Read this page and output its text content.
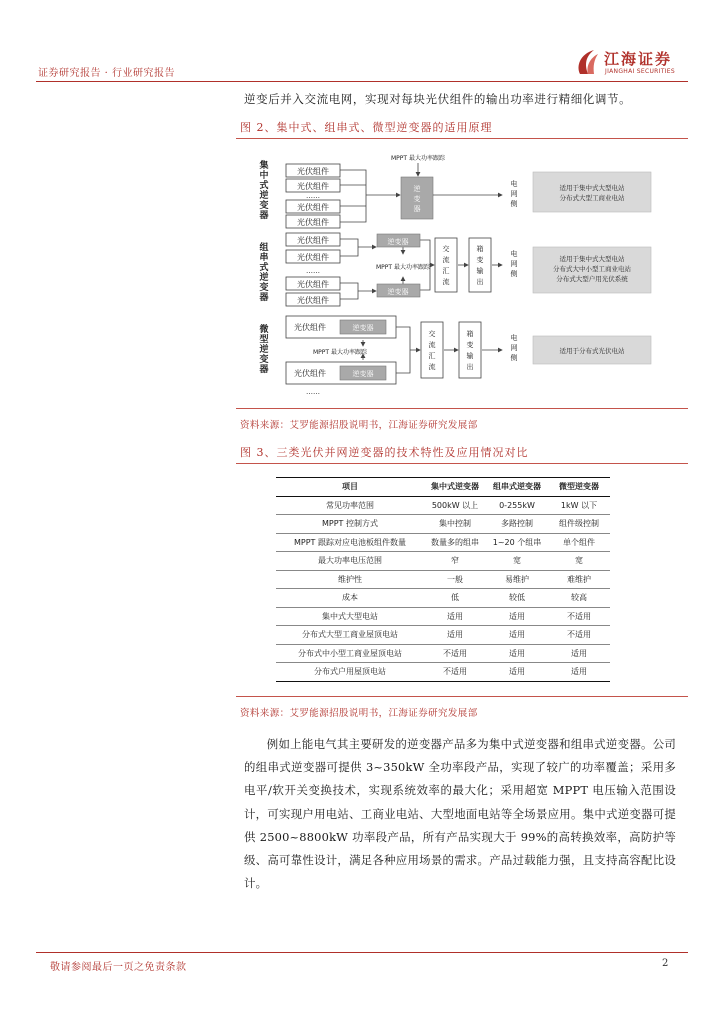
证券研究报告 · 行业研究报告
江海证券
JIANGHAI SECURITIES
逆变后并入交流电网，实现对每块光伏组件的输出功率进行精细化调节。
图 2、集中式、组串式、微型逆变器的适用原理
集
中
式
逆
变
器
光伏组件
光伏组件
光伏组件
光伏组件
……
MPPT 最大功率跟踪
逆
变
器
电
网
侧
适用于集中式大型电站
分布式大型工商业电站
组
串
式
逆
变
器
光伏组件
光伏组件
光伏组件
光伏组件
……
逆变器
逆变器
MPPT 最大功率跟踪
交
流
汇
流
箱
变
输
出
电
网
侧
适用于集中式大型电站
分布式大中小型工商业电站
分布式大型户用光伏系统
微
型
逆
变
器
光伏组件	逆变器
光伏组件	逆变器
MPPT 最大功率跟踪
……
交
流
汇
流
箱
变
输
出
电
网
侧
适用于分布式光伏电站
资料来源：艾罗能源招股说明书，江海证券研究发展部
图 3、三类光伏并网逆变器的技术特性及应用情况对比
项目	集中式逆变器	组串式逆变器	微型逆变器
常见功率范围	500kW 以上	0-255kW	1kW 以下
MPPT 控制方式	集中控制	多路控制	组件级控制
MPPT 跟踪对应电池板组件数量	数量多的组串	1~20 个组串	单个组件
最大功率电压范围	窄	宽	宽
维护性	一般	易维护	难维护
成本	低	较低	较高
集中式大型电站	适用	适用	不适用
分布式大型工商业屋顶电站	适用	适用	不适用
分布式中小型工商业屋顶电站	不适用	适用	适用
分布式户用屋顶电站	不适用	适用	适用
资料来源：艾罗能源招股说明书，江海证券研究发展部

例如上能电气其主要研发的逆变器产品多为集中式逆变器和组串式逆变器。公司的组串式逆变器可提供 3~350kW 全功率段产品，实现了较广的功率覆盖；采用多电平/软开关变换技术，实现系统效率的最大化；采用超宽 MPPT 电压输入范围设计，可实现户用电站、工商业电站、大型地面电站等全场景应用。集中式逆变器可提供 2500~8800kW 功率段产品，所有产品实现大于 99%的高转换效率，高防护等级、高可靠性设计，满足各种应用场景的需求。产品过载能力强，且支持高容配比设计。

敬请参阅最后一页之免责条款	2
